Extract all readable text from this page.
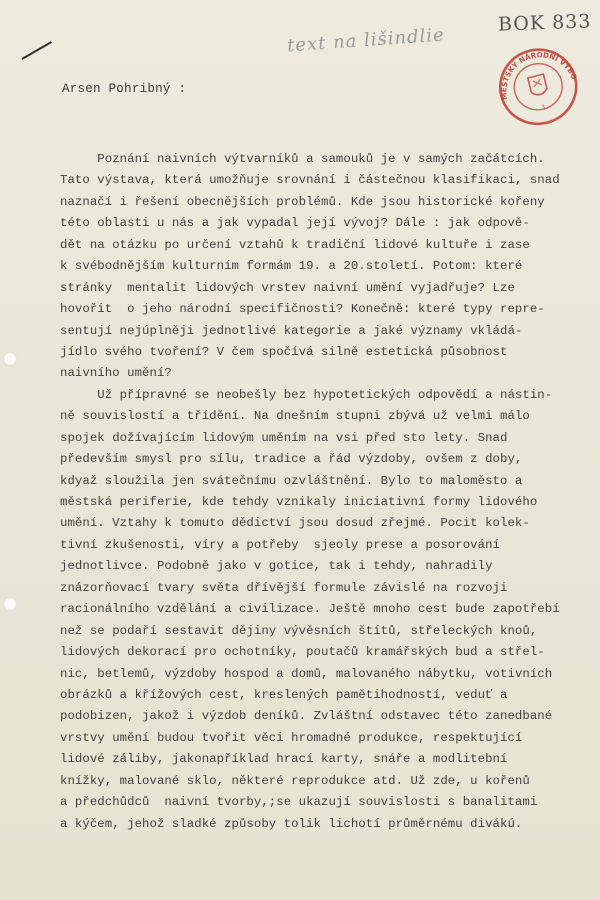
text na lišindlie
BOK 833
MĚSTSKÝ NÁRODNÍ VÝBOR
3
Arsen Pohribný :
Poznání naivních výtvarníků a samouků je v samých začátcích.
Tato výstava, která umožňuje srovnání i částečnou klasifikaci, snad
naznačí i řešení obecnějších problémů. Kde jsou historické kořeny
této oblasti u nás a jak vypadal její vývoj? Dále : jak odpově-
dět na otázku po určení vztahů k tradiční lidové kultuře i zase
k svébodnějším kulturním formám 19. a 20.století. Potom: které
stránky  mentalit lidových vrstev naivní umění vyjadřuje? Lze
hovořit  o jeho národní specifičnosti? Konečně: které typy repre-
sentují nejúplněji jednotlivé kategorie a jaké významy vkládá-
jídlo svého tvoření? V čem spočívá silně estetická působnost
naivního umění?
Už přípravné se neobešly bez hypotetických odpovědí a nástin-
ně souvislostí a třídění. Na dnešním stupni zbývá už velmi málo
spojek dožívajícím lidovým uměním na vsi před sto lety. Snad
především smysl pro sílu, tradice a řád výzdoby, ovšem z doby,
kdyaž sloužila jen svátečnímu ozvláštnění. Bylo to maloměsto a
městská periferie, kde tehdy vznikaly iniciativní formy lidového
umění. Vztahy k tomuto dědictví jsou dosud zřejmé. Pocit kolek-
tivní zkušenosti, víry a potřeby  sjeoly prese a posorování
jednotlivce. Podobně jako v gotice, tak i tehdy, nahradily
znázorňovací tvary světa dřívější formule závislé na rozvoji
racionálního vzdělání a civilizace. Ještě mnoho cest bude zapotřebí
než se podaří sestavit dějiny vývěsních štítů, střeleckých knoů,
lidových dekorací pro ochotníky, poutačů kramářských bud a střel-
nic, betlemů, výzdoby hospod a domů, malovaného nábytku, votivních
obrázků a křížových cest, kreslených pamětihodností, veduť a
podobizen, jakož i výzdob deníků. Zvláštní odstavec této zanedbané
vrstvy umění budou tvořit věci hromadné produkce, respektující
lidové záliby, jakonapříklad hrací karty, snáře a modlitební
knížky, malované sklo, některé reprodukce atd. Už zde, u kořenů
a předchůdců  naivní tvorby,;se ukazují souvislosti s banalitami
a kýčem, jehož sladké způsoby tolik lichotí průměrnému divákú.
